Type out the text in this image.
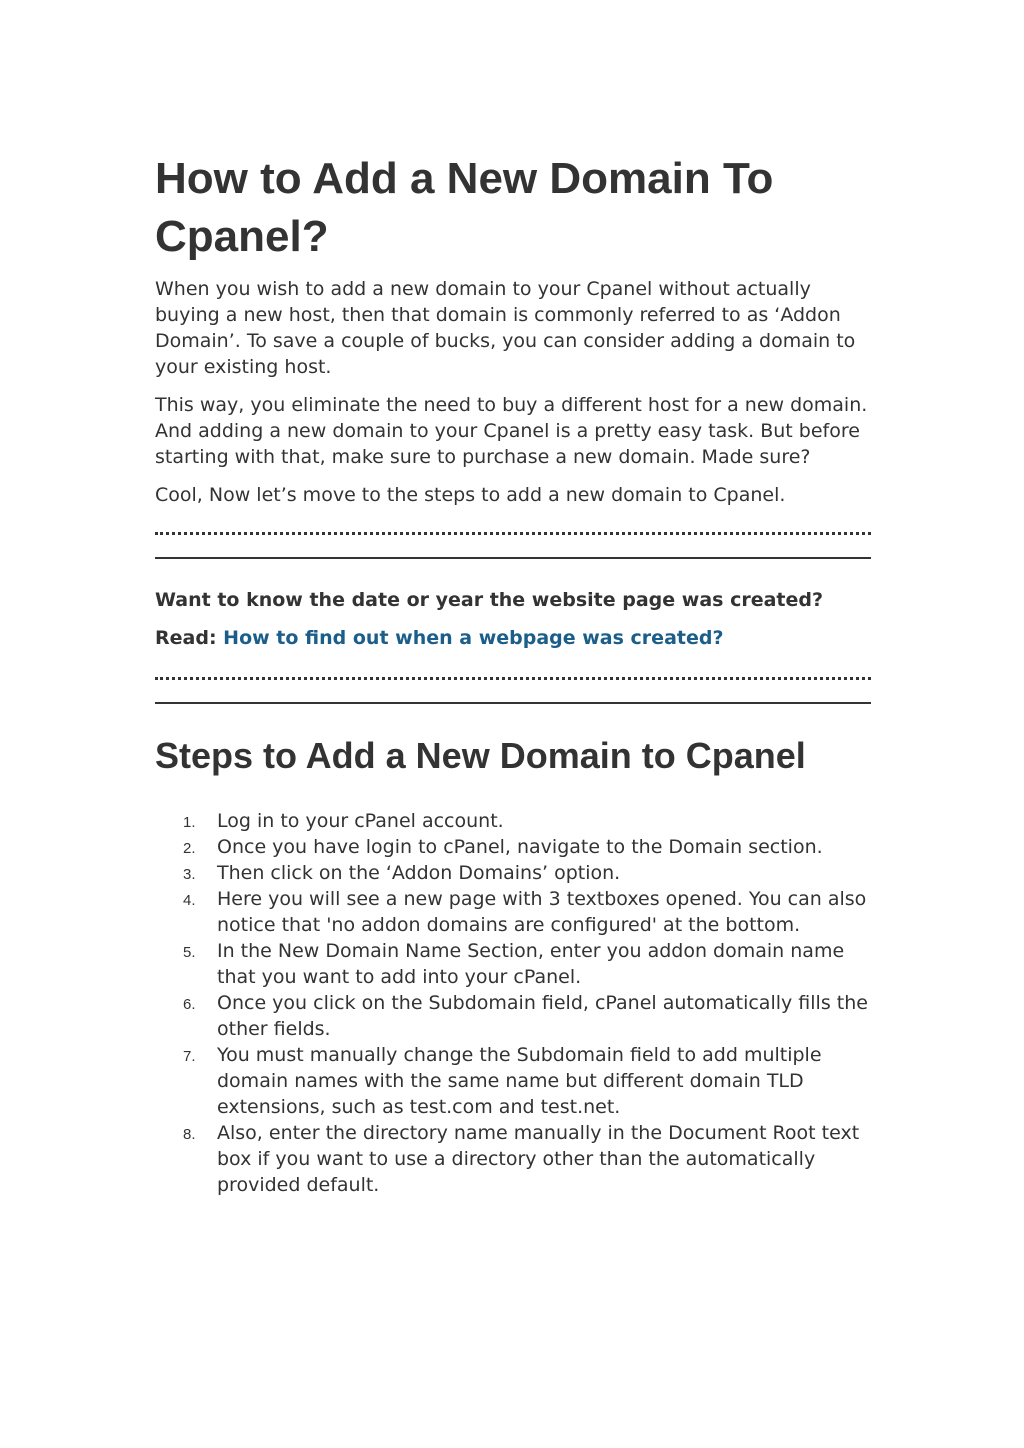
How to Add a New Domain To Cpanel?

When you wish to add a new domain to your Cpanel without actually buying a new host, then that domain is commonly referred to as ‘Addon Domain’. To save a couple of bucks, you can consider adding a domain to your existing host.

This way, you eliminate the need to buy a different host for a new domain. And adding a new domain to your Cpanel is a pretty easy task. But before starting with that, make sure to purchase a new domain. Made sure?

Cool, Now let’s move to the steps to add a new domain to Cpanel.

Want to know the date or year the website page was created?

Read: How to find out when a webpage was created?

Steps to Add a New Domain to Cpanel
1. Log in to your cPanel account.
2. Once you have login to cPanel, navigate to the Domain section.
3. Then click on the ‘Addon Domains’ option.
4. Here you will see a new page with 3 textboxes opened. You can also notice that 'no addon domains are configured' at the bottom.
5. In the New Domain Name Section, enter you addon domain name that you want to add into your cPanel.
6. Once you click on the Subdomain field, cPanel automatically fills the other fields.
7. You must manually change the Subdomain field to add multiple domain names with the same name but different domain TLD extensions, such as test.com and test.net.
8. Also, enter the directory name manually in the Document Root text box if you want to use a directory other than the automatically provided default.
